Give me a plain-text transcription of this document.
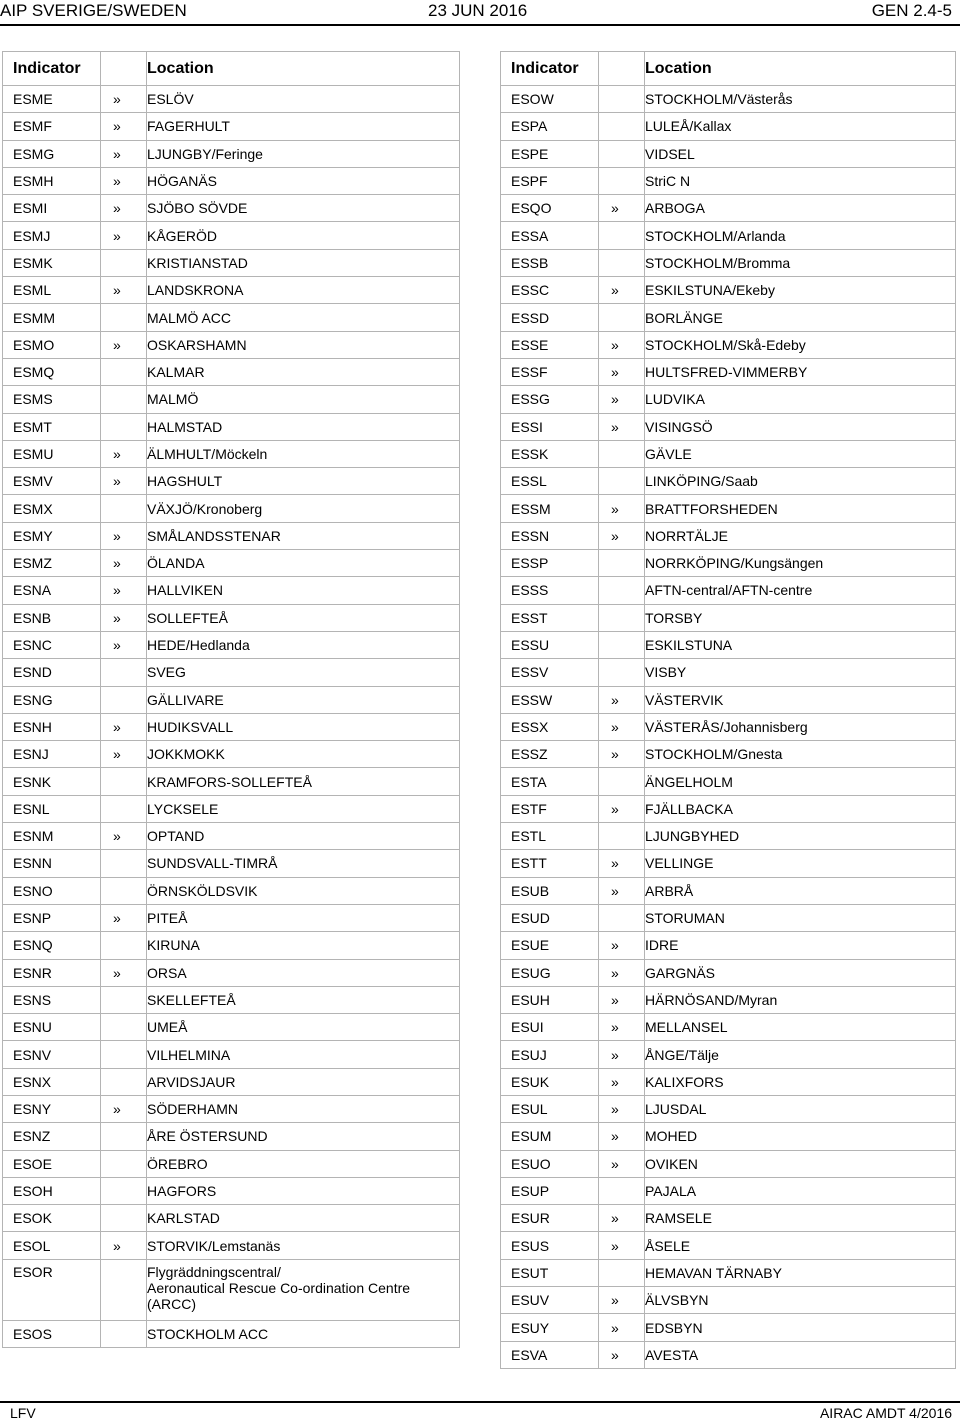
AIP SVERIGE/SWEDEN	23 JUN 2016	GEN 2.4-5
Indicator		Location
ESME	»	ESLÖV
ESMF	»	FAGERHULT
ESMG	»	LJUNGBY/Feringe
ESMH	»	HÖGANÄS
ESMI	»	SJÖBO SÖVDE
ESMJ	»	KÅGERÖD
ESMK		KRISTIANSTAD
ESML	»	LANDSKRONA
ESMM		MALMÖ ACC
ESMO	»	OSKARSHAMN
ESMQ		KALMAR
ESMS		MALMÖ
ESMT		HALMSTAD
ESMU	»	ÄLMHULT/Möckeln
ESMV	»	HAGSHULT
ESMX		VÄXJÖ/Kronoberg
ESMY	»	SMÅLANDSSTENAR
ESMZ	»	ÖLANDA
ESNA	»	HALLVIKEN
ESNB	»	SOLLEFTEÅ
ESNC	»	HEDE/Hedlanda
ESND		SVEG
ESNG		GÄLLIVARE
ESNH	»	HUDIKSVALL
ESNJ	»	JOKKMOKK
ESNK		KRAMFORS-SOLLEFTEÅ
ESNL		LYCKSELE
ESNM	»	OPTAND
ESNN		SUNDSVALL-TIMRÅ
ESNO		ÖRNSKÖLDSVIK
ESNP	»	PITEÅ
ESNQ		KIRUNA
ESNR	»	ORSA
ESNS		SKELLEFTEÅ
ESNU		UMEÅ
ESNV		VILHELMINA
ESNX		ARVIDSJAUR
ESNY	»	SÖDERHAMN
ESNZ		ÅRE ÖSTERSUND
ESOE		ÖREBRO
ESOH		HAGFORS
ESOK		KARLSTAD
ESOL	»	STORVIK/Lemstanäs
ESOR		Flygräddningscentral/
Aeronautical Rescue Co-ordination Centre
(ARCC)
ESOS		STOCKHOLM ACC
Indicator		Location
ESOW		STOCKHOLM/Västerås
ESPA		LULEÅ/Kallax
ESPE		VIDSEL
ESPF		StriC N
ESQO	»	ARBOGA
ESSA		STOCKHOLM/Arlanda
ESSB		STOCKHOLM/Bromma
ESSC	»	ESKILSTUNA/Ekeby
ESSD		BORLÄNGE
ESSE	»	STOCKHOLM/Skå-Edeby
ESSF	»	HULTSFRED-VIMMERBY
ESSG	»	LUDVIKA
ESSI	»	VISINGSÖ
ESSK		GÄVLE
ESSL		LINKÖPING/Saab
ESSM	»	BRATTFORSHEDEN
ESSN	»	NORRTÄLJE
ESSP		NORRKÖPING/Kungsängen
ESSS		AFTN-central/AFTN-centre
ESST		TORSBY
ESSU		ESKILSTUNA
ESSV		VISBY
ESSW	»	VÄSTERVIK
ESSX	»	VÄSTERÅS/Johannisberg
ESSZ	»	STOCKHOLM/Gnesta
ESTA		ÄNGELHOLM
ESTF	»	FJÄLLBACKA
ESTL		LJUNGBYHED
ESTT	»	VELLINGE
ESUB	»	ARBRÅ
ESUD		STORUMAN
ESUE	»	IDRE
ESUG	»	GARGNÄS
ESUH	»	HÄRNÖSAND/Myran
ESUI	»	MELLANSEL
ESUJ	»	ÅNGE/Tälje
ESUK	»	KALIXFORS
ESUL	»	LJUSDAL
ESUM	»	MOHED
ESUO	»	OVIKEN
ESUP		PAJALA
ESUR	»	RAMSELE
ESUS	»	ÅSELE
ESUT		HEMAVAN TÄRNABY
ESUV	»	ÄLVSBYN
ESUY	»	EDSBYN
ESVA	»	AVESTA
LFV	AIRAC AMDT 4/2016
